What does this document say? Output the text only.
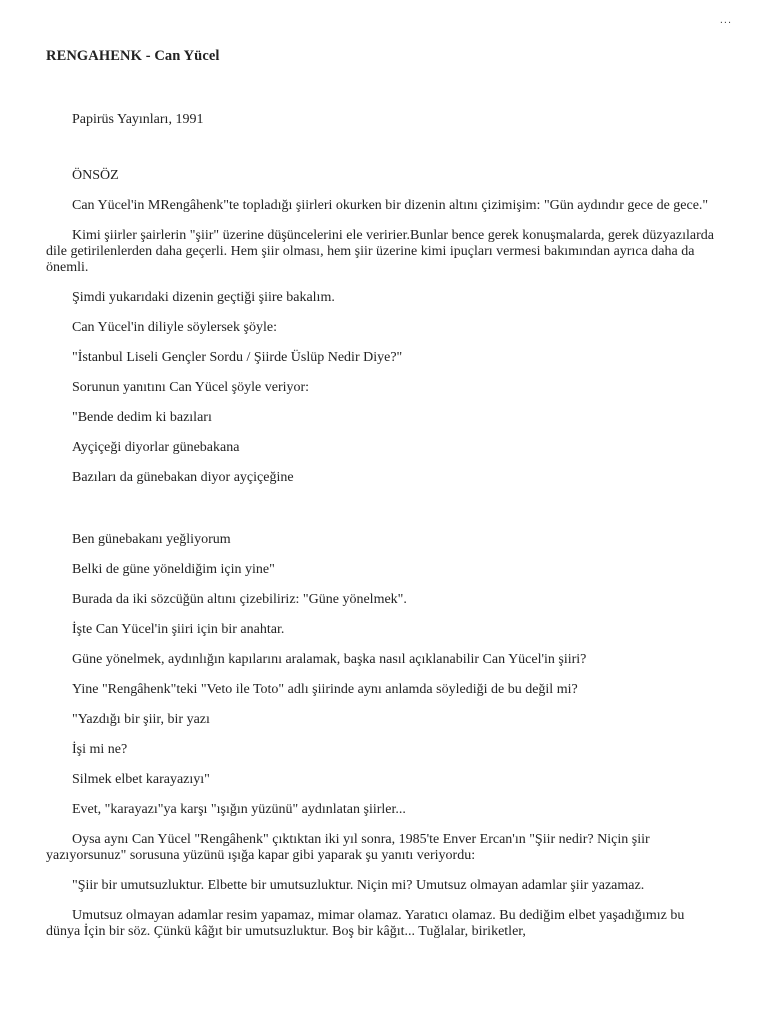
...
RENGAHENK - Can Yücel

Papirüs Yayınları, 1991

ÖNSÖZ

Can Yücel'in MRengâhenk"te topladığı şiirleri okurken bir dizenin altını çizimişim: "Gün aydındır gece de gece."

Kimi şiirler şairlerin "şiir" üzerine düşüncelerini ele veririer.Bunlar bence gerek konuşmalarda, gerek düzyazılarda dile getirilenlerden daha geçerli. Hem şiir olması, hem şiir üzerine kimi ipuçları vermesi bakımından ayrıca daha da önemli.

Şimdi yukarıdaki dizenin geçtiği şiire bakalım.

Can Yücel'in diliyle söylersek şöyle:

"İstanbul Liseli Gençler Sordu / Şiirde Üslüp Nedir Diye?"

Sorunun yanıtını Can Yücel şöyle veriyor:

"Bende dedim ki bazıları

Ayçiçeği diyorlar günebakana

Bazıları da günebakan diyor ayçiçeğine

Ben günebakanı yeğliyorum

Belki de güne yöneldiğim için yine"

Burada da iki sözcüğün altını çizebiliriz: "Güne yönelmek".

İşte Can Yücel'in şiiri için bir anahtar.

Güne yönelmek, aydınlığın kapılarını aralamak, başka nasıl açıklanabilir Can Yücel'in şiiri?

Yine "Rengâhenk"teki "Veto ile Toto" adlı şiirinde aynı anlamda söylediği de bu değil mi?

"Yazdığı bir şiir, bir yazı

İşi mi ne?

Silmek elbet karayazıyı"

Evet, "karayazı"ya karşı "ışığın yüzünü" aydınlatan şiirler...

Oysa aynı Can Yücel "Rengâhenk" çıktıktan iki yıl sonra, 1985'te Enver Ercan'ın "Şiir nedir? Niçin şiir yazıyorsunuz" sorusuna yüzünü ışığa kapar gibi yaparak şu yanıtı veriyordu:

"Şiir bir umutsuzluktur. Elbette bir umutsuzluktur. Niçin mi? Umutsuz olmayan adamlar şiir yazamaz.

Umutsuz olmayan adamlar resim yapamaz, mimar olamaz. Yaratıcı olamaz. Bu dediğim elbet yaşadığımız bu dünya İçin bir söz. Çünkü kâğıt bir umutsuzluktur. Boş bir kâğıt... Tuğlalar, biriketler,
